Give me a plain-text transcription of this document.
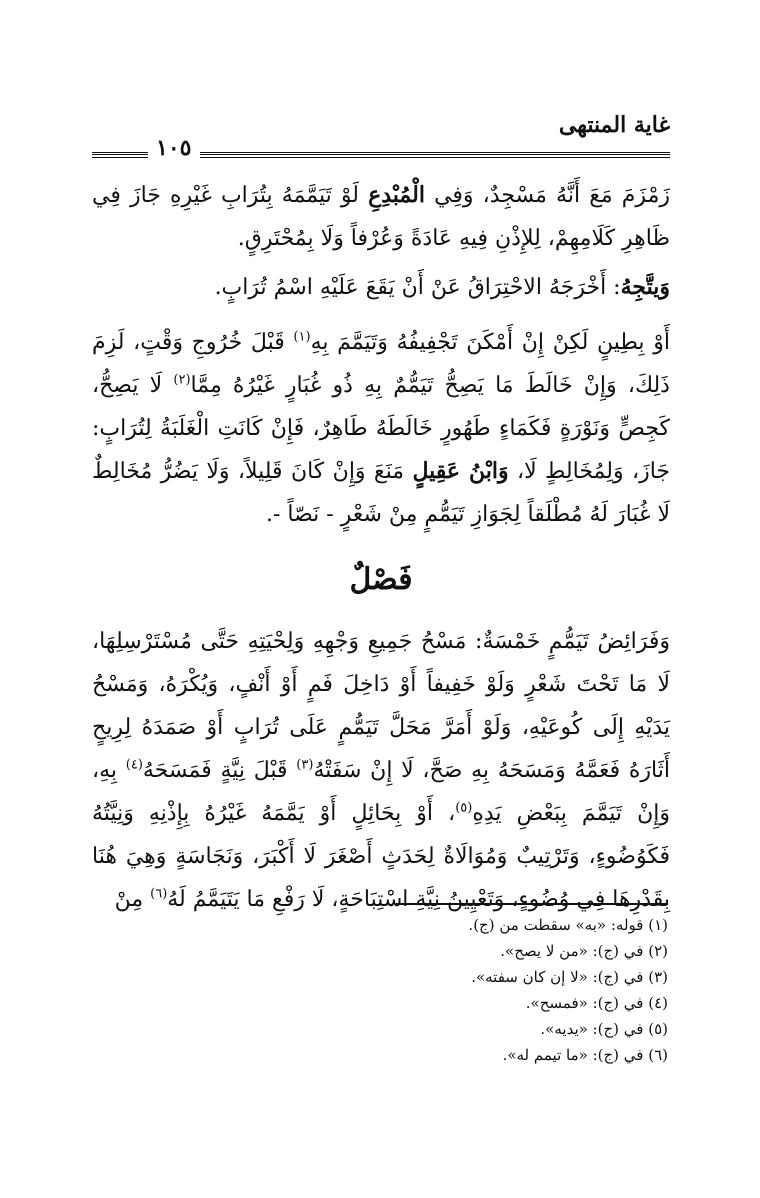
غاية المنتهى
١٠٥

زَمْزَمَ مَعَ أَنَّهُ مَسْجِدٌ، وَفِي الْمُبْدِعِ لَوْ تَيَمَّمَهُ بِتُرَابِ غَيْرِهِ جَازَ فِي ظَاهِرِ كَلَامِهِمْ، لِلإِذْنِ فِيهِ عَادَةً وَعُرْفاً وَلَا بِمُحْتَرِقٍ.

وَيتَّجِهُ: أَخْرَجَهُ الاحْتِرَاقُ عَنْ أَنْ يَقَعَ عَلَيْهِ اسْمُ تُرَابٍ.

أَوْ بِطِينٍ لَكِنْ إِنْ أَمْكَنَ تَجْفِيفُهُ وَتَيَمَّمَ بِهِ$^{(١)}$ قَبْلَ خُرُوجِ وَقْتٍ، لَزِمَ ذَلِكَ، وَإِنْ خَالَطَ مَا يَصِحُّ تَيَمُّمٌ بِهِ ذُو غُبَارٍ غَيْرُهُ مِمَّا$^{(٢)}$ لَا يَصِحُّ، كَجِصٍّ وَنَوْرَةٍ فَكَمَاءٍ طَهُورٍ خَالَطَهُ طَاهِرٌ، فَإِنْ كَانَتِ الْغَلَبَةُ لِتُرَابٍ: جَازَ، وَلِمُخَالِطٍ لَا، وَابْنُ عَقِيلٍ مَنَعَ وَإِنْ كَانَ قَلِيلاً، وَلَا يَضُرُّ مُخَالِطٌ لَا غُبَارَ لَهُ مُطْلَقاً لِجَوَازِ تَيَمُّمٍ مِنْ شَعْرٍ - نَصّاً -.

فَصْلٌ

وَفَرَائِضُ تَيَمُّمٍ خَمْسَةٌ: مَسْحُ جَمِيعِ وَجْهِهِ وَلِحْيَتِهِ حَتَّى مُسْتَرْسِلِهَا، لَا مَا تَحْتَ شَعْرٍ وَلَوْ خَفِيفاً أَوْ دَاخِلَ فَمٍ أَوْ أَنْفٍ، وَيُكْرَهُ، وَمَسْحُ يَدَيْهِ إِلَى كُوعَيْهِ، وَلَوْ أَمَرَّ مَحَلَّ تَيَمُّمٍ عَلَى تُرَابٍ أَوْ صَمَدَهُ لِرِيحٍ أَثَارَهُ فَعَمَّهُ وَمَسَحَهُ بِهِ صَحَّ، لَا إِنْ سَفَتْهُ$^{(٣)}$ قَبْلَ نِيَّةٍ فَمَسَحَهُ$^{(٤)}$ بِهِ، وَإِنْ تَيَمَّمَ بِبَعْضِ يَدِهِ$^{(٥)}$، أَوْ بِحَائِلٍ أَوْ يَمَّمَهُ غَيْرُهُ بِإِذْنِهِ وَنِيَّتُهُ فَكَوُضُوءٍ، وَتَرْتِيبٌ وَمُوَالَاةٌ لِحَدَثٍ أَصْغَرَ لَا أَكْبَرَ، وَنَجَاسَةٍ وَهِيَ هُنَا بِقَدْرِهَا فِي وُضُوءٍ، وَتَعْيِينُ نِيَّةِ اسْتِبَاحَةٍ، لَا رَفْعِ مَا يَتَيَمَّمُ لَهُ$^{(٦)}$ مِنْ

(١) قوله: «به» سقطت من (ج).
(٢) في (ج): «من لا يصح».
(٣) في (ج): «لا إن كان سفته».
(٤) في (ج): «فمسح».
(٥) في (ج): «يديه».
(٦) في (ج): «ما تيمم له».
